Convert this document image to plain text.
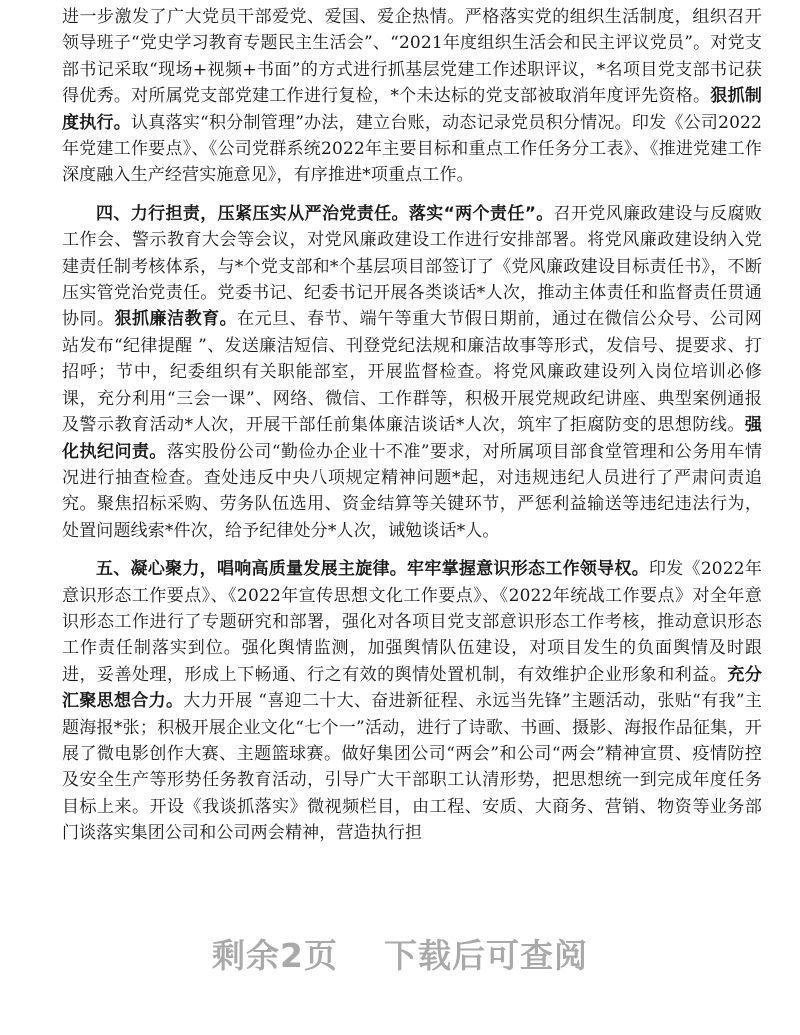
进一步激发了广大党员干部爱党、爱国、爱企热情。严格落实党的组织生活制度，组织召开领导班子“党史学习教育专题民主生活会”、“2021年度组织生活会和民主评议党员”。对党支部书记采取“现场+视频+书面”的方式进行抓基层党建工作述职评议，*名项目党支部书记获得优秀。对所属党支部党建工作进行复检，*个未达标的党支部被取消年度评先资格。狠抓制度执行。认真落实“积分制管理”办法，建立台账，动态记录党员积分情况。印发《公司2022年党建工作要点》、《公司党群系统2022年主要目标和重点工作任务分工表》、《推进党建工作深度融入生产经营实施意见》，有序推进*项重点工作。

四、力行担责，压紧压实从严治党责任。落实“两个责任”。召开党风廉政建设与反腐败工作会、警示教育大会等会议，对党风廉政建设工作进行安排部署。将党风廉政建设纳入党建责任制考核体系，与*个党支部和*个基层项目部签订了《党风廉政建设目标责任书》，不断压实管党治党责任。党委书记、纪委书记开展各类谈话*人次，推动主体责任和监督责任贯通协同。狠抓廉洁教育。在元旦、春节、端午等重大节假日期前，通过在微信公众号、公司网站发布“纪律提醒 ”、发送廉洁短信、刊登党纪法规和廉洁故事等形式，发信号、提要求、打招呼；节中，纪委组织有关职能部室，开展监督检查。将党风廉政建设列入岗位培训必修课，充分利用“三会一课”、网络、微信、工作群等，积极开展党规政纪讲座、典型案例通报及警示教育活动*人次，开展干部任前集体廉洁谈话*人次，筑牢了拒腐防变的思想防线。强化执纪问责。落实股份公司“勤俭办企业十不准”要求，对所属项目部食堂管理和公务用车情况进行抽查检查。查处违反中央八项规定精神问题*起，对违规违纪人员进行了严肃问责追究。聚焦招标采购、劳务队伍选用、资金结算等关键环节，严惩利益输送等违纪违法行为，处置问题线索*件次，给予纪律处分*人次，诫勉谈话*人。

五、凝心聚力，唱响高质量发展主旋律。牢牢掌握意识形态工作领导权。印发《2022年意识形态工作要点》、《2022年宣传思想文化工作要点》、《2022年统战工作要点》对全年意识形态工作进行了专题研究和部署，强化对各项目党支部意识形态工作考核，推动意识形态工作责任制落实到位。强化舆情监测，加强舆情队伍建设，对项目发生的负面舆情及时跟进，妥善处理，形成上下畅通、行之有效的舆情处置机制，有效维护企业形象和利益。充分汇聚思想合力。大力开展 “喜迎二十大、奋进新征程、永远当先锋”主题活动，张贴“有我”主题海报*张；积极开展企业文化“七个一”活动，进行了诗歌、书画、摄影、海报作品征集，开展了微电影创作大赛、主题篮球赛。做好集团公司“两会”和公司“两会”精神宣贯、疫情防控及安全生产等形势任务教育活动，引导广大干部职工认清形势，把思想统一到完成年度任务目标上来。开设《我谈抓落实》微视频栏目，由工程、安质、大商务、营销、物资等业务部门谈落实集团公司和公司两会精神，营造执行担

剩余2页 下载后可查阅
